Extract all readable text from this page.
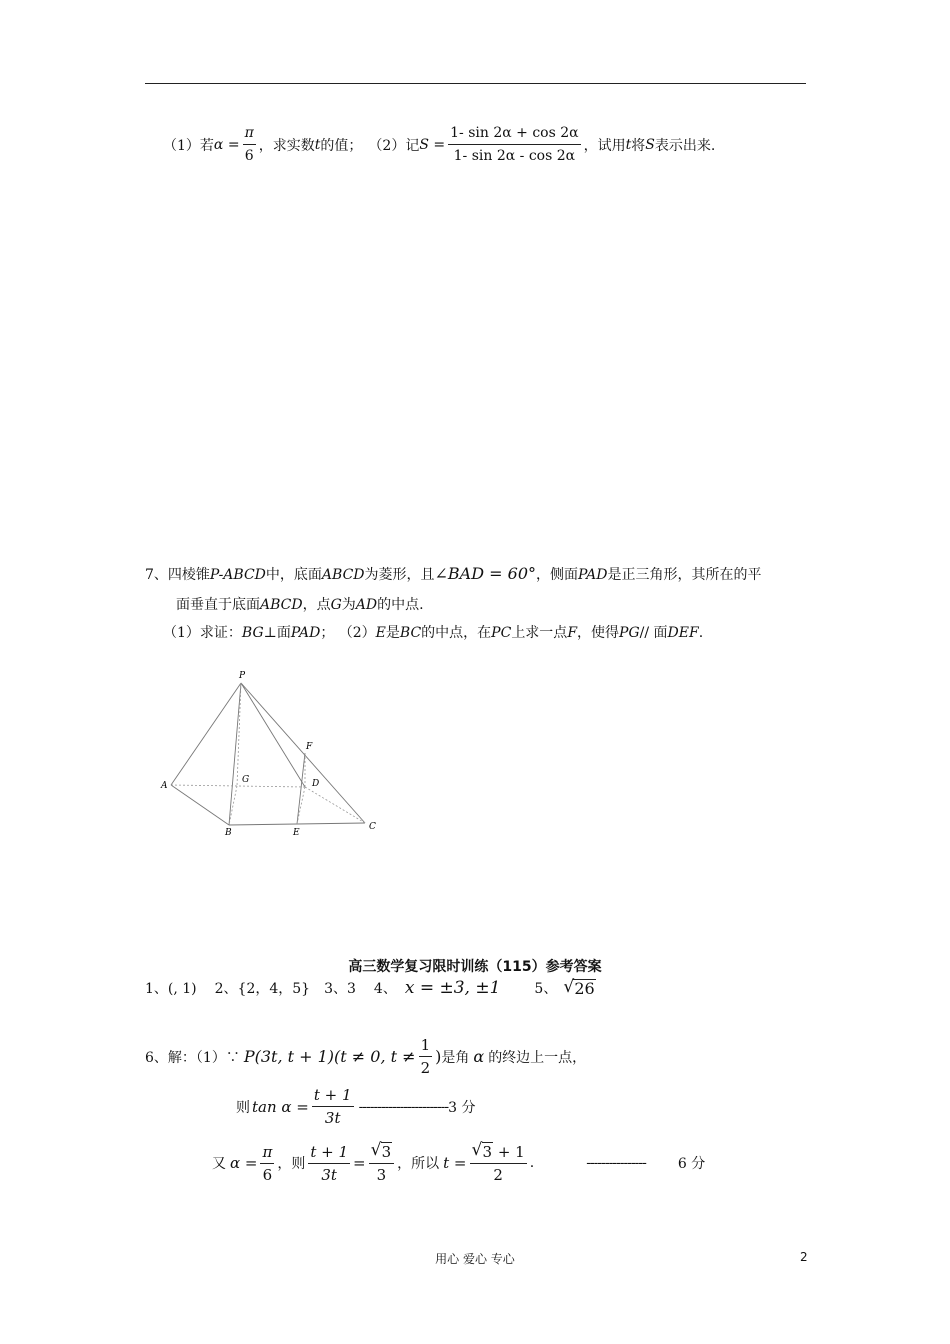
（1）若 $\alpha = \frac{\pi}{6}$ ，求实数 t 的值； （2）记 $S = \frac{1- \sin 2\alpha + \cos 2\alpha}{1- \sin 2\alpha - \cos 2\alpha}$ ，试用 t 将 S 表示出来.
7、四棱锥P-ABCD中，底面ABCD为菱形，且∠BAD = 60°，侧面PAD是正三角形，其所在的平
面垂直于底面ABCD，点G为AD的中点.
（1）求证：BG⊥面PAD； （2）E是BC的中点，在PC上求一点F，使得PG// 面DEF.
P
A
B
C
D
E
F
G
高三数学复习限时训练（115）参考答案
1、(, 1) 2、{2，4，5} 3、3 4、 x = ±3, ±1 5、 √ 26
6、解：（1）∵ P(3t, t + 1)(t ≠ 0, $t \ne \frac{1}{2}$ ) 是角 α 的终边上一点，
则 $\tan \alpha = \frac{t + 1}{3t}$ ------------------------ 3 分
又 $\alpha = \frac{\pi}{6}$ ，则 $\frac{t + 1}{3t} = \frac{√ 3}{3}$ ，所以 $t = \frac{√ 3 + 1}{2}$ .	---------------- 6 分
用心 爱心 专心	2
